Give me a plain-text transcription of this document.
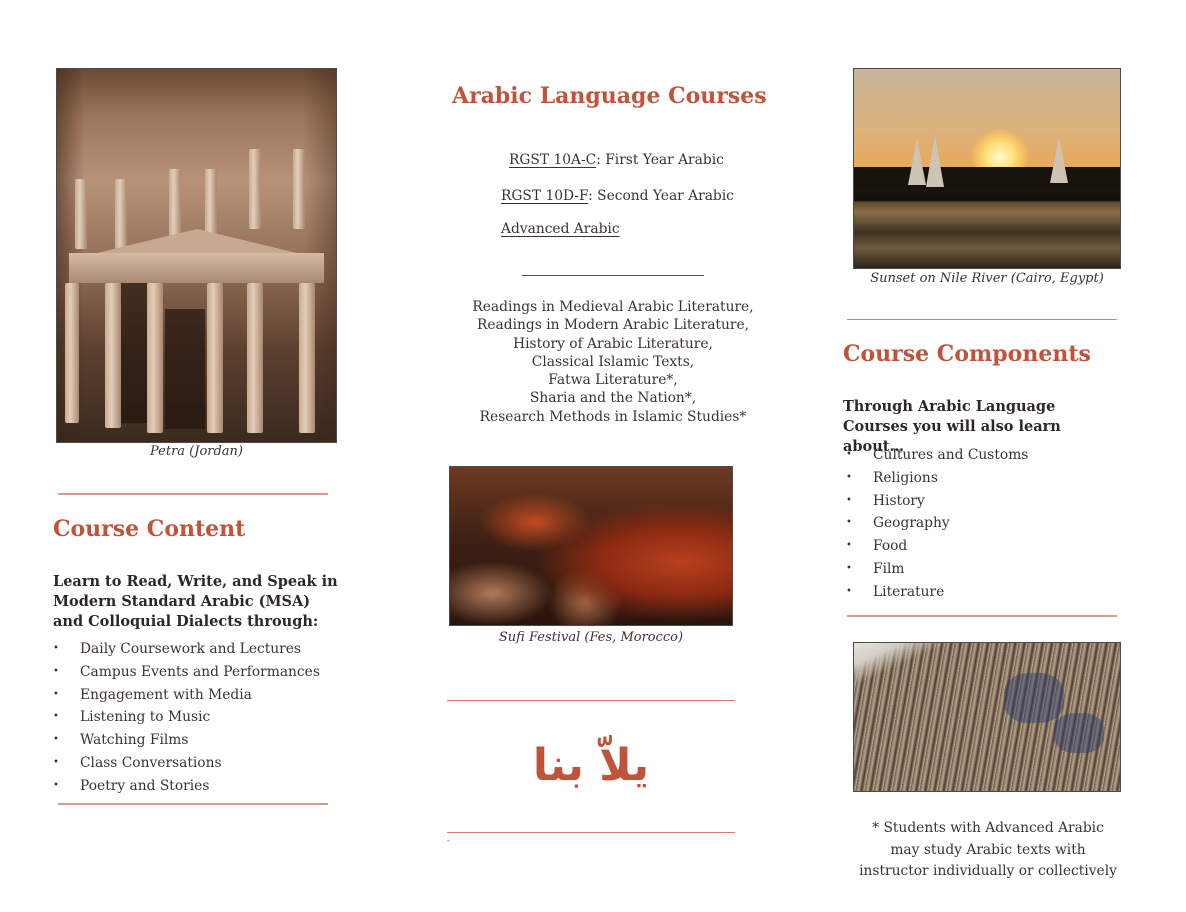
Petra (Jordan)
Course Content
Learn to Read, Write, and Speak in Modern Standard Arabic (MSA) and Colloquial Dialects through:
• Daily Coursework and Lectures
• Campus Events and Performances
• Engagement with Media
• Listening to Music
• Watching Films
• Class Conversations
• Poetry and Stories
Arabic Language Courses
RGST 10A-C: First Year Arabic
RGST 10D-F: Second Year Arabic
Advanced Arabic
Readings in Medieval Arabic Literature,
Readings in Modern Arabic Literature,
History of Arabic Literature,
Classical Islamic Texts,
Fatwa Literature*,
Sharia and the Nation*,
Research Methods in Islamic Studies*
Sufi Festival (Fes, Morocco)
يلاّ بنا
-
Sunset on Nile River (Cairo, Egypt)
Course Components
Through Arabic Language Courses you will also learn about…
• Cultures and Customs
• Religions
• History
• Geography
• Food
• Film
• Literature
* Students with Advanced Arabic may study Arabic texts with instructor individually or collectively
